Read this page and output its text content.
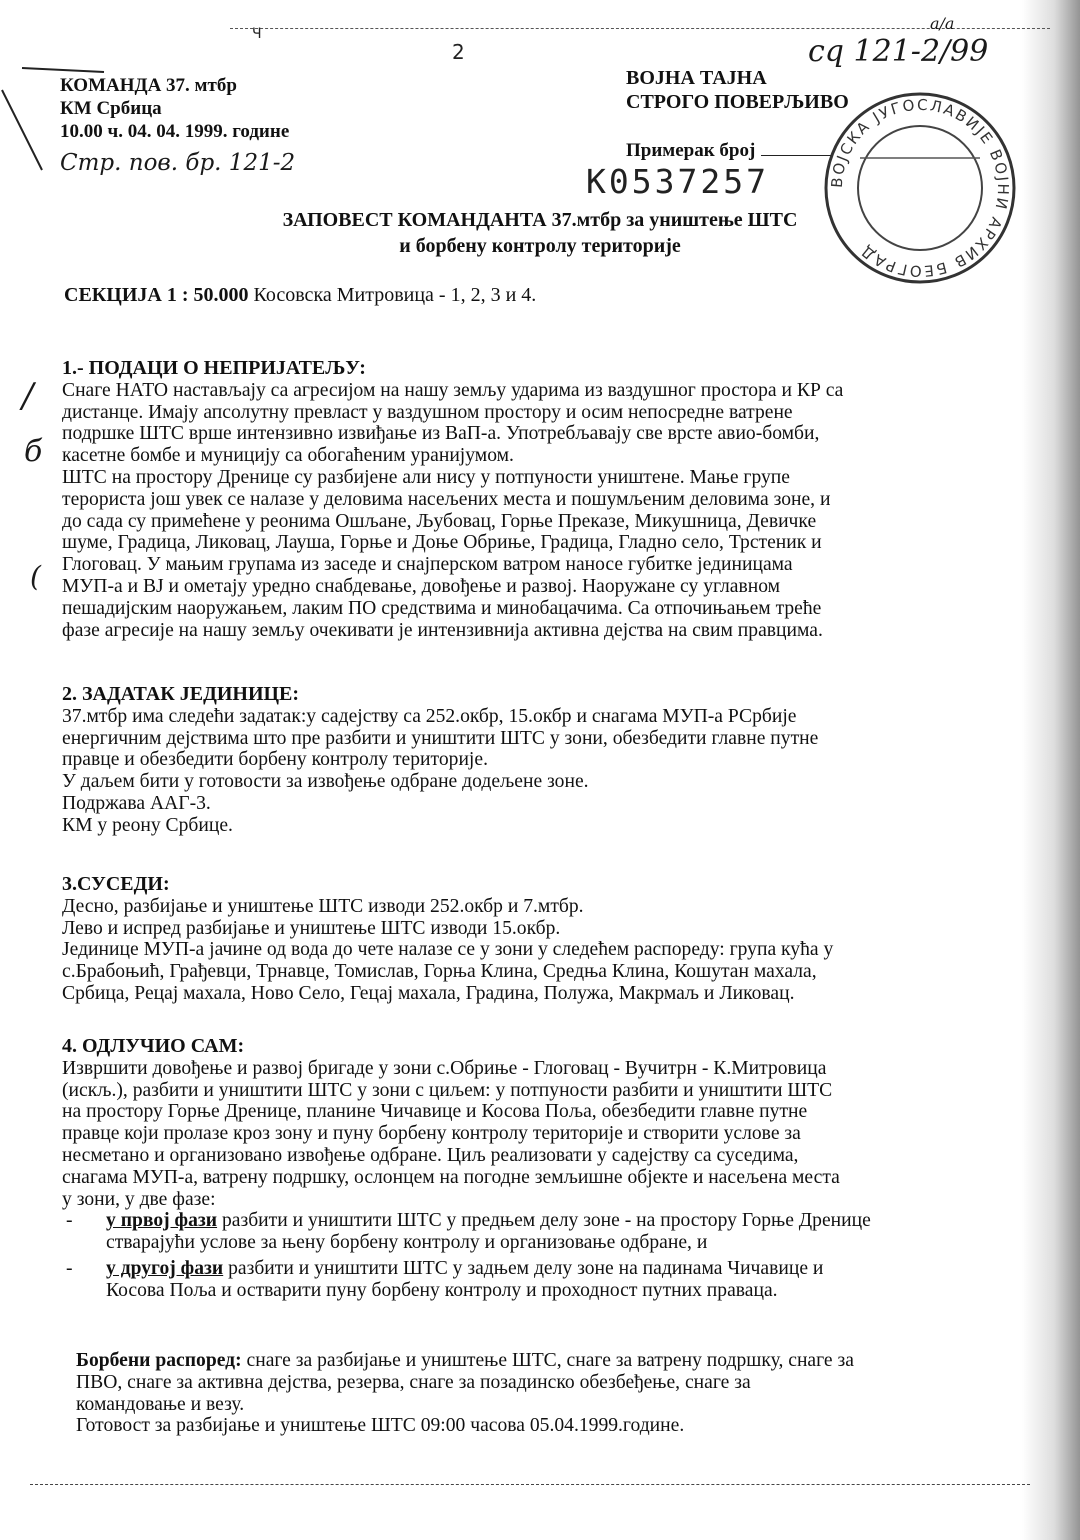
Ч
2
a/a
cq 121-2/99
КОМАНДА 37. мтбр
КМ Србица
10.00 ч. 04. 04. 1999. године
Стр. пов. бр. 121-2
ВОЈНА ТАЈНА
СТРОГО ПОВЕРЉИВО
Примерак број
K0537257	ВОЈСКА ЈУГОСЛАВИЈЕ ВОЈНИ АРХИВ БЕОГРАД
ЗАПОВЕСТ КОМАНДАНТА 37.мтбр за уништење ШТС
и борбену контролу територије
СЕКЦИЈА 1 : 50.000 Косовска Митровица - 1, 2, 3 и 4.
/
б
(
1.- ПОДАЦИ О НЕПРИЈАТЕЉУ:
Снаге НАТО настављају са агресијом на нашу земљу ударима из ваздушног простора и КР са
дистанце. Имају апсолутну превласт у ваздушном простору и осим непосредне ватрене
подршке ШТС врше интензивно извиђање из ВаП-а. Употребљавају све врсте авио-бомби,
касетне бомбе и муницију са обогаћеним уранијумом.
ШТС на простору Дренице су разбијене али нису у потпуности уништене. Мање групе
терориста још увек се налазе у деловима насељених места и пошумљеним деловима зоне, и
до сада су примећене у реонима Ошљане, Љубовац, Горње Преказе, Микушница, Девичке
шуме, Градица, Ликовац, Лауша, Горње и Доње Обриње, Градица, Гладно село, Трстеник и
Глоговац. У мањим групама из заседе и снајперском ватром наносе губитке јединицама
МУП-а и ВЈ и ометају уредно снабдевање, довођење и развој. Наоружане су углавном
пешадијским наоружањем, лаким ПО средствима и минобацачима. Са отпочињањем треће
фазе агресије на нашу земљу очекивати је интензивнија активна дејства на свим правцима.
2. ЗАДАТАК ЈЕДИНИЦЕ:
37.мтбр има следећи задатак:у садејству са 252.окбр, 15.окбр и снагама МУП-а РСрбије
енергичним дејствима што пре разбити и уништити ШТС у зони, обезбедити главне путне
правце и обезбедити борбену контролу територије.
У даљем бити у готовости за извођење одбране додељене зоне.
Подржава ААГ-3.
КМ у реону Србице.
3.СУСЕДИ:
Десно, разбијање и уништење ШТС изводи 252.окбр и 7.мтбр.
Лево и испред разбијање и уништење ШТС изводи 15.окбр.
Јединице МУП-а јачине од вода до чете налазе се у зони у следећем распореду: група кућа у
с.Брабоњић, Грађевци, Трнавце, Томислав, Горња Клина, Средња Клина, Кошутан махала,
Србица, Рецај махала, Ново Село, Гецај махала, Градина, Полужа, Макрмаљ и Ликовац.
4. ОДЛУЧИО САМ:
Извршити довођење и развој бригаде у зони с.Обриње - Глоговац - Вучитрн - К.Митровица
(искљ.), разбити и уништити ШТС у зони с циљем: у потпуности разбити и уништити ШТС
на простору Горње Дренице, планине Чичавице и Косова Поља, обезбедити главне путне
правце који пролазе кроз зону и пуну борбену контролу територије и створити услове за
несметано и организовано извођење одбране. Циљ реализовати у садејству са суседима,
снагама МУП-а, ватрену подршку, ослонцем на погодне земљишне објекте и насељена места
у зони, у две фазе:
- у првој фази разбити и уништити ШТС у предњем делу зоне - на простору Горње Дренице
стварајући услове за њену борбену контролу и организовање одбране, и
- у другој фази разбити и уништити ШТС у задњем делу зоне на падинама Чичавице и
Косова Поља и остварити пуну борбену контролу и проходност путних праваца.
Борбени распоред: снаге за разбијање и уништење ШТС, снаге за ватрену подршку, снаге за
ПВО, снаге за активна дејства, резерва, снаге за позадинско обезбеђење, снаге за
командовање и везу.
Готовост за разбијање и уништење ШТС 09:00 часова 05.04.1999.године.
